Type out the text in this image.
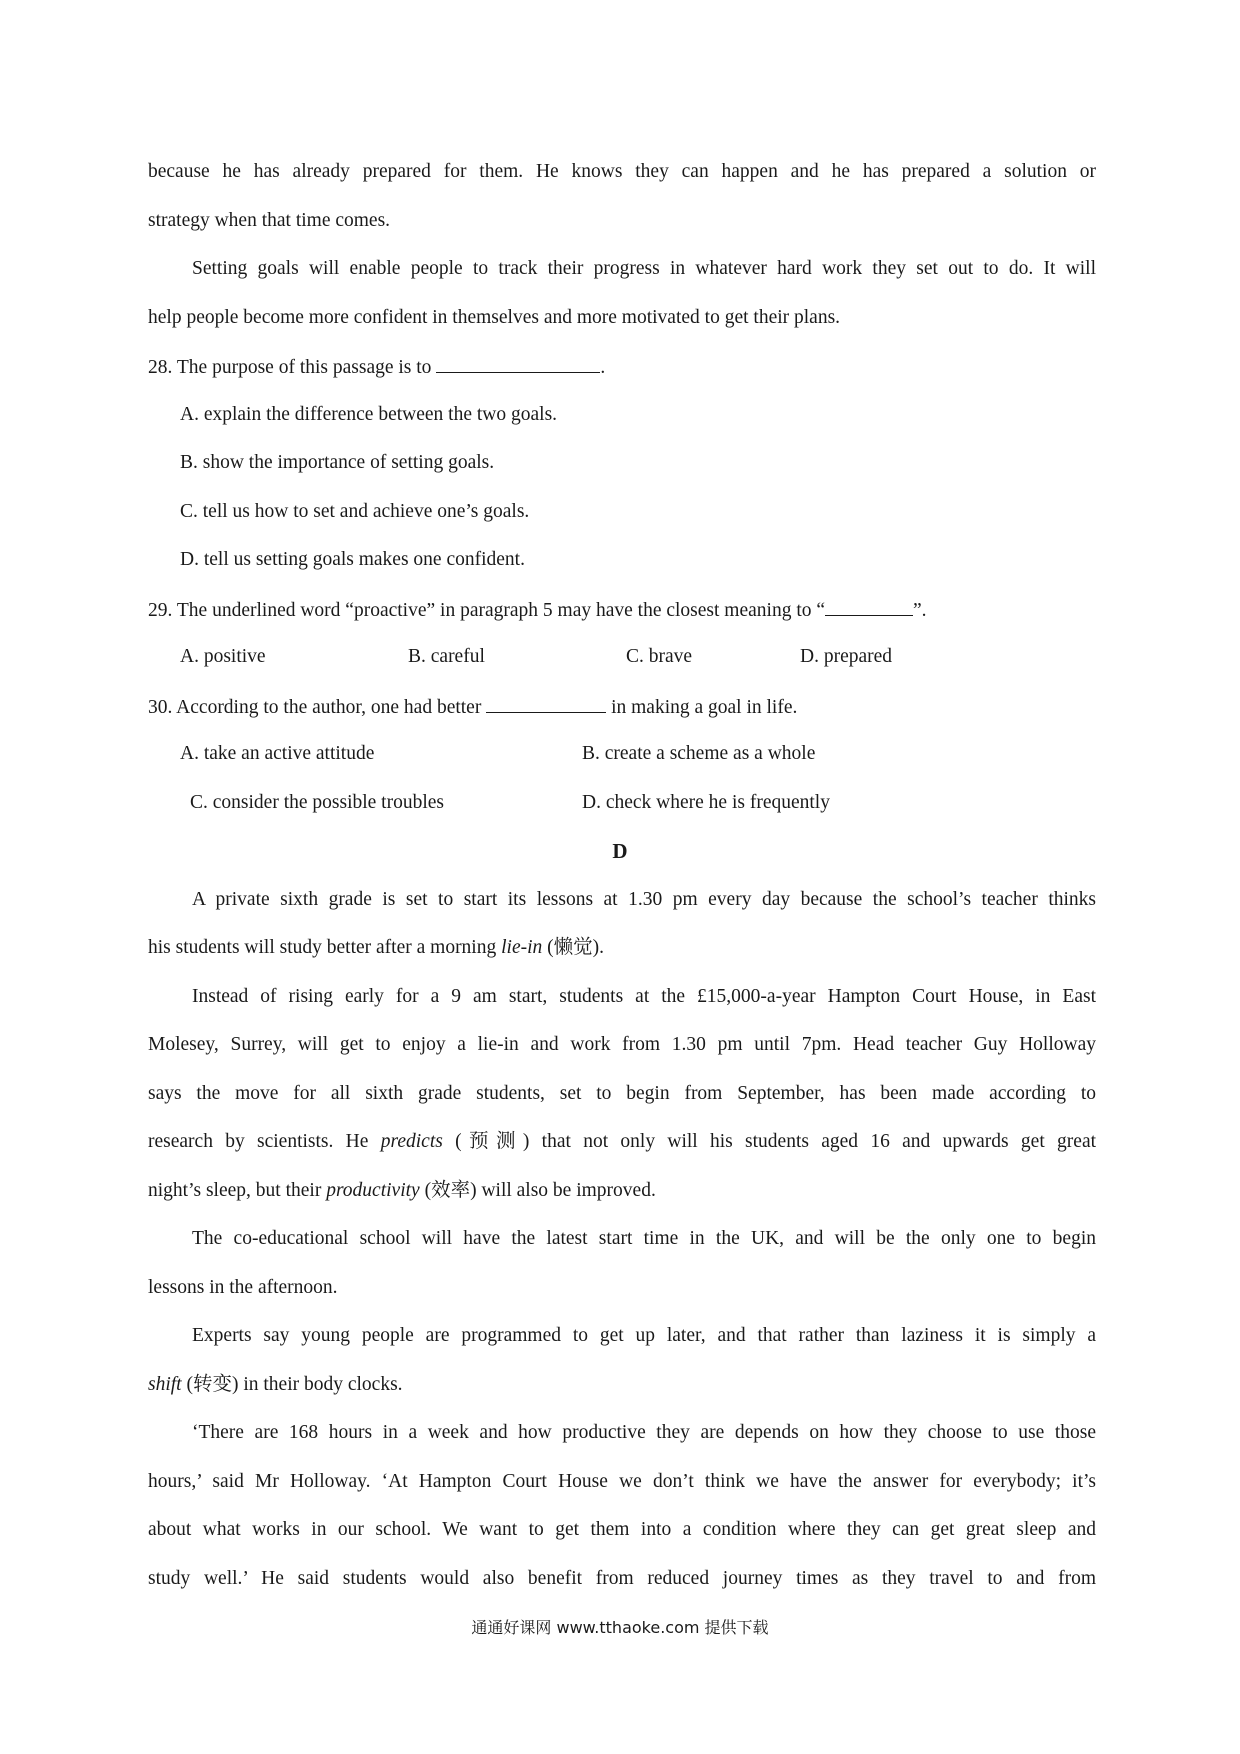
because he has already prepared for them. He knows they can happen and he has prepared a solution or
strategy when that time comes.
Setting goals will enable people to track their progress in whatever hard work they set out to do. It will
help people become more confident in themselves and more motivated to get their plans.
28. The purpose of this passage is to	.
A. explain the difference between the two goals.
B. show the importance of setting goals.
C. tell us how to set and achieve one’s goals.
D. tell us setting goals makes one confident.
29. The underlined word “proactive” in paragraph 5 may have the closest meaning to “	”.
A. positive	B. careful	C. brave	D. prepared
30. According to the author, one had better	in making a goal in life.
A. take an active attitude	B. create a scheme as a whole
C. consider the possible troubles	D. check where he is frequently
D
A private sixth grade is set to start its lessons at 1.30 pm every day because the school’s teacher thinks
his students will study better after a morning lie-in (懒觉).
Instead of rising early for a 9 am start, students at the £15,000-a-year Hampton Court House, in East
Molesey, Surrey, will get to enjoy a lie-in and work from 1.30 pm until 7pm. Head teacher Guy Holloway
says the move for all sixth grade students, set to begin from September, has been made according to
research by scientists. He predicts (预测) that not only will his students aged 16 and upwards get great
night’s sleep, but their productivity (效率) will also be improved.
The co-educational school will have the latest start time in the UK, and will be the only one to begin
lessons in the afternoon.
Experts say young people are programmed to get up later, and that rather than laziness it is simply a
shift (转变) in their body clocks.
‘There are 168 hours in a week and how productive they are depends on how they choose to use those
hours,’ said Mr Holloway. ‘At Hampton Court House we don’t think we have the answer for everybody; it’s
about what works in our school. We want to get them into a condition where they can get great sleep and
study well.’ He said students would also benefit from reduced journey times as they travel to and from
通通好课网 www.tthaoke.com 提供下载
